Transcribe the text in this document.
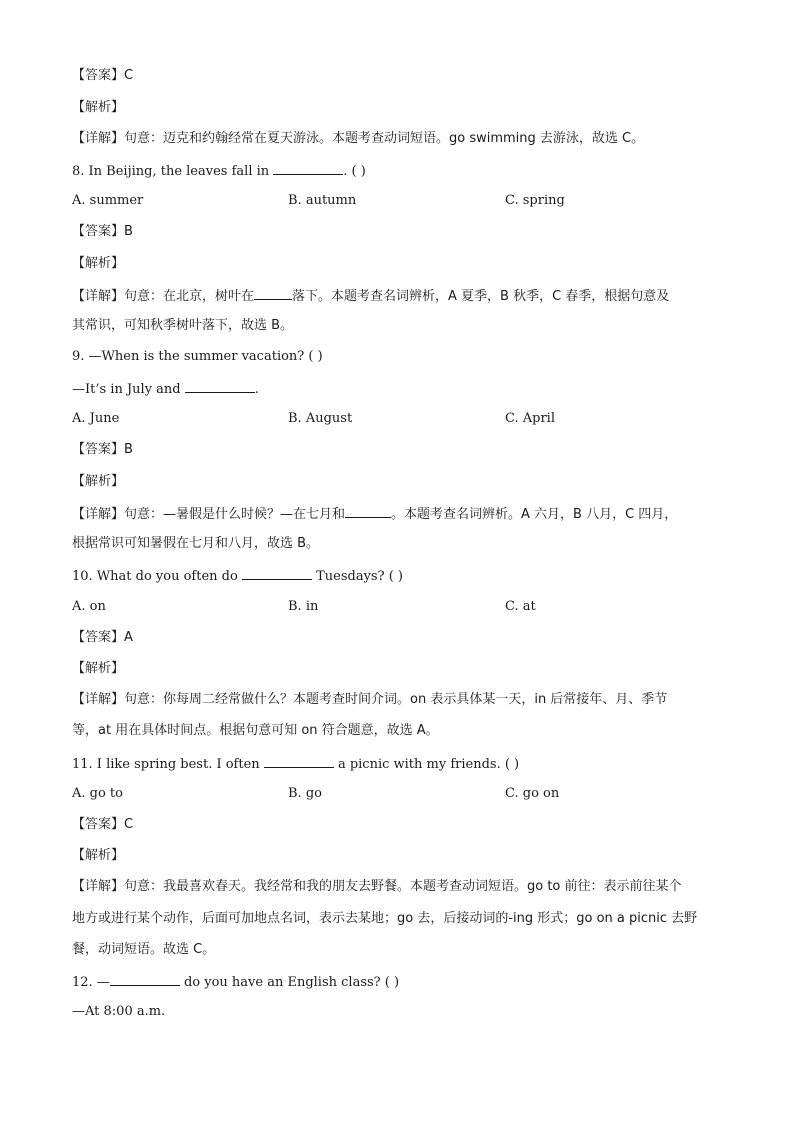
【答案】C
【解析】
【详解】句意：迈克和约翰经常在夏天游泳。本题考查动词短语。go swimming 去游泳，故选 C。
8. In Beijing, the leaves fall in	. ( )
A. summer	B. autumn	C. spring
【答案】B
【解析】
【详解】句意：在北京，树叶在	落下。本题考查名词辨析，A 夏季，B 秋季，C 春季，根据句意及
其常识，可知秋季树叶落下，故选 B。
9. —When is the summer vacation? ( )
—It’s in July and	.
A. June	B. August	C. April
【答案】B
【解析】
【详解】句意：—暑假是什么时候？—在七月和	。本题考查名词辨析。A 六月，B 八月，C 四月，
根据常识可知暑假在七月和八月，故选 B。
10. What do you often do	Tuesdays? ( )
A. on	B. in	C. at
【答案】A
【解析】
【详解】句意：你每周二经常做什么？本题考查时间介词。on 表示具体某一天，in 后常接年、月、季节
等，at 用在具体时间点。根据句意可知 on 符合题意，故选 A。
11. I like spring best. I often	a picnic with my friends. ( )
A. go to	B. go	C. go on
【答案】C
【解析】
【详解】句意：我最喜欢春天。我经常和我的朋友去野餐。本题考查动词短语。go to 前往：表示前往某个
地方或进行某个动作，后面可加地点名词，表示去某地；go 去，后接动词的-ing 形式；go on a picnic 去野
餐，动词短语。故选 C。
12. —	do you have an English class? ( )
—At 8:00 a.m.
